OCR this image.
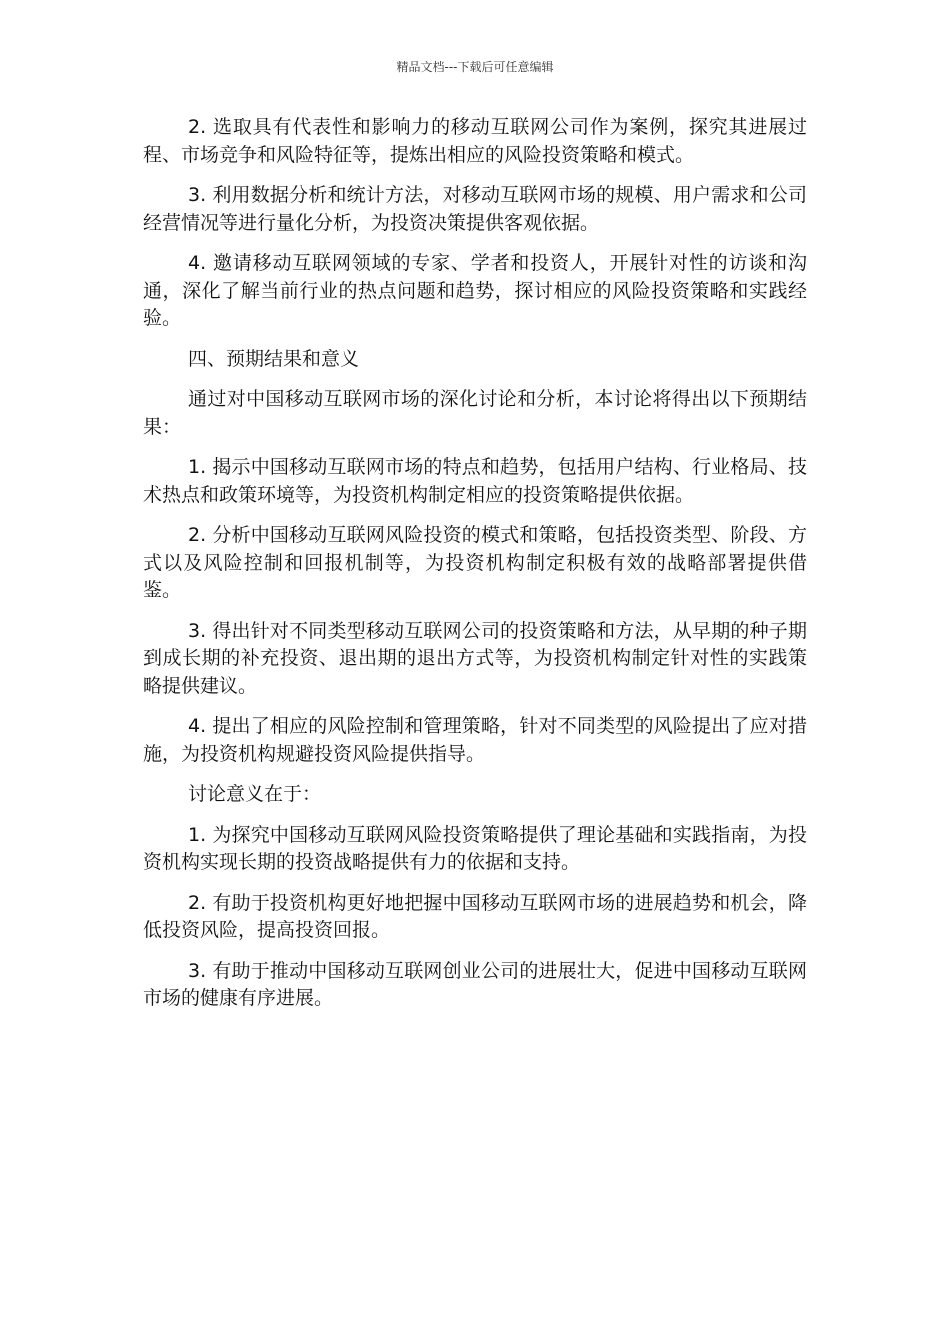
精品文档---下载后可任意编辑

2. 选取具有代表性和影响力的移动互联网公司作为案例，探究其进展过程、市场竞争和风险特征等，提炼出相应的风险投资策略和模式。

3. 利用数据分析和统计方法，对移动互联网市场的规模、用户需求和公司经营情况等进行量化分析，为投资决策提供客观依据。

4. 邀请移动互联网领域的专家、学者和投资人，开展针对性的访谈和沟通，深化了解当前行业的热点问题和趋势，探讨相应的风险投资策略和实践经验。

四、预期结果和意义

通过对中国移动互联网市场的深化讨论和分析，本讨论将得出以下预期结果：

1. 揭示中国移动互联网市场的特点和趋势，包括用户结构、行业格局、技术热点和政策环境等，为投资机构制定相应的投资策略提供依据。

2. 分析中国移动互联网风险投资的模式和策略，包括投资类型、阶段、方式以及风险控制和回报机制等，为投资机构制定积极有效的战略部署提供借鉴。

3. 得出针对不同类型移动互联网公司的投资策略和方法，从早期的种子期到成长期的补充投资、退出期的退出方式等，为投资机构制定针对性的实践策略提供建议。

4. 提出了相应的风险控制和管理策略，针对不同类型的风险提出了应对措施，为投资机构规避投资风险提供指导。

讨论意义在于：

1. 为探究中国移动互联网风险投资策略提供了理论基础和实践指南，为投资机构实现长期的投资战略提供有力的依据和支持。

2. 有助于投资机构更好地把握中国移动互联网市场的进展趋势和机会，降低投资风险，提高投资回报。

3. 有助于推动中国移动互联网创业公司的进展壮大，促进中国移动互联网市场的健康有序进展。
